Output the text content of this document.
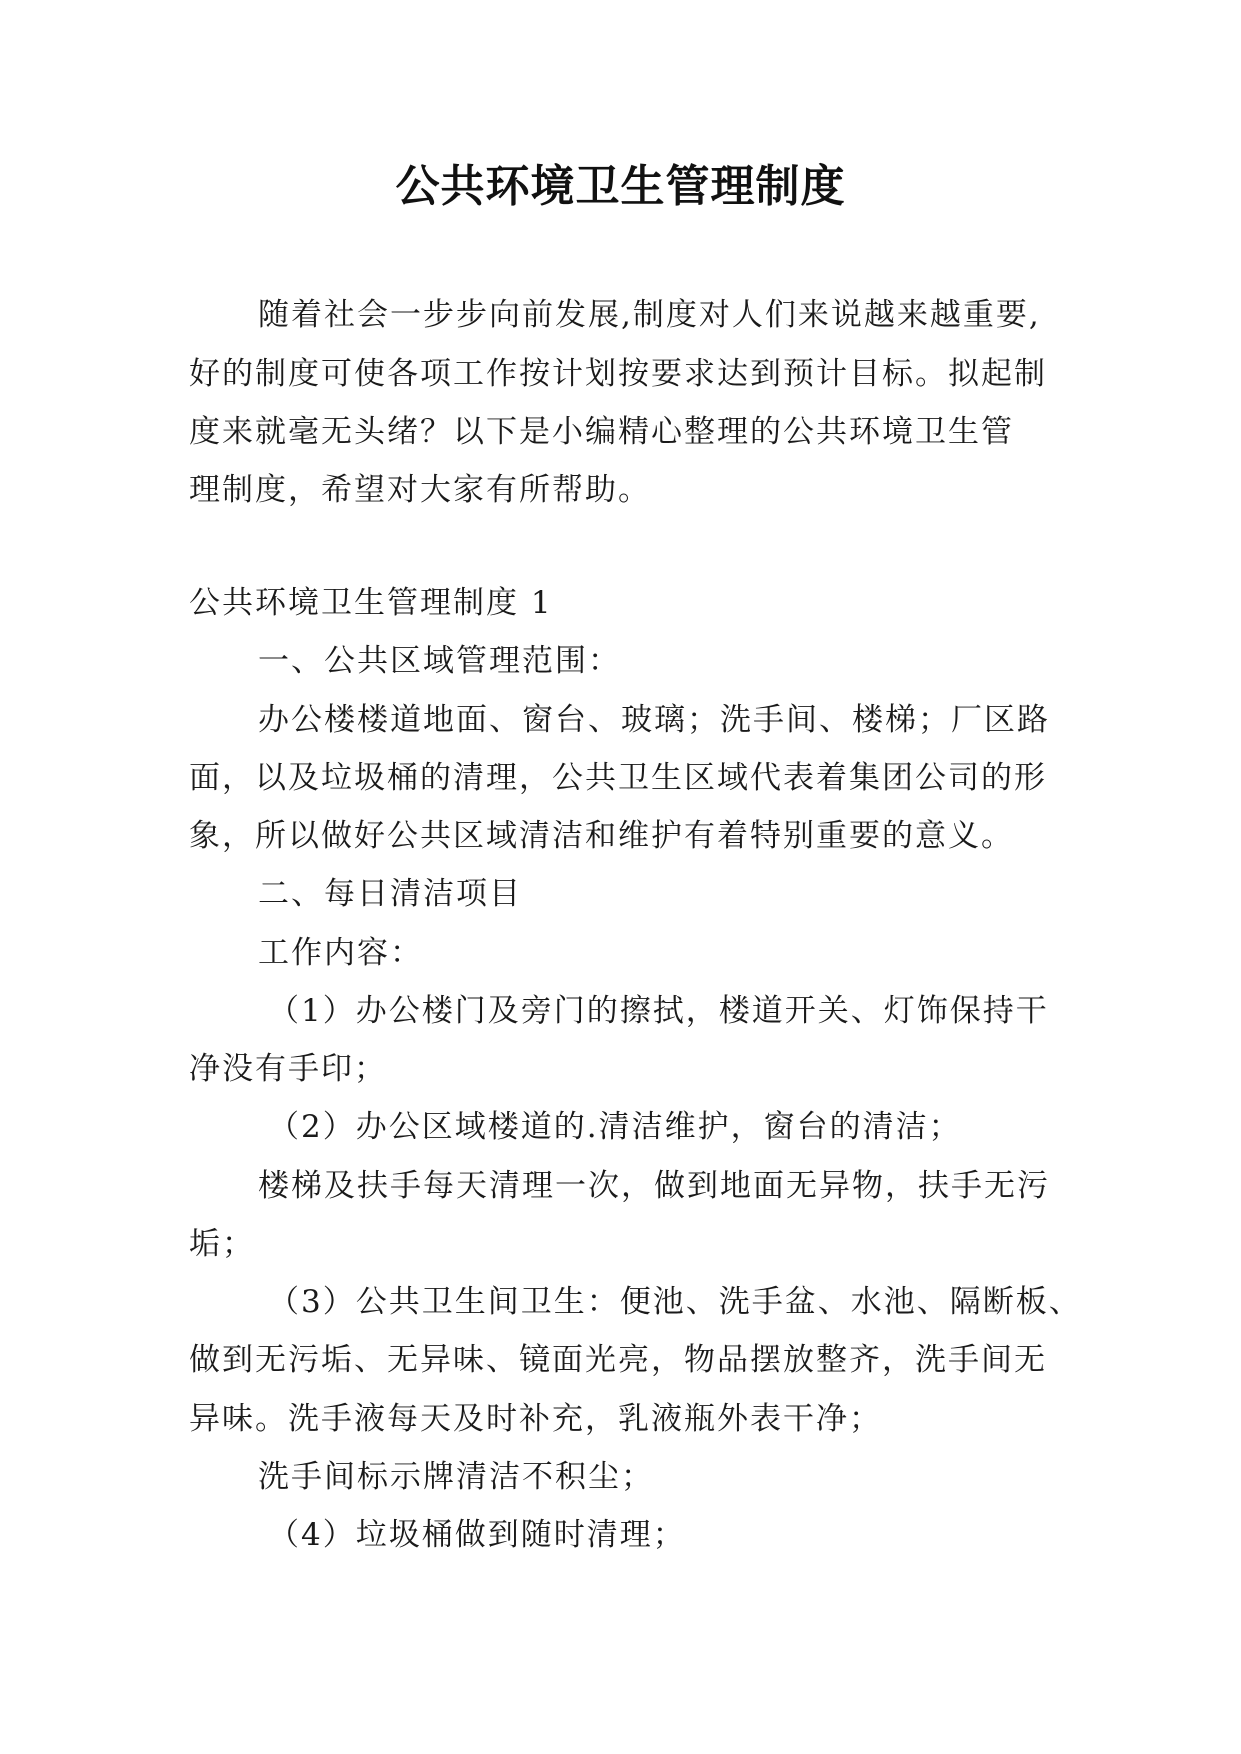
公共环境卫生管理制度
随着社会一步步向前发展,制度对人们来说越来越重要,
好的制度可使各项工作按计划按要求达到预计目标。拟起制
度来就毫无头绪？以下是小编精心整理的公共环境卫生管
理制度，希望对大家有所帮助。
公共环境卫生管理制度 1
一、公共区域管理范围：
办公楼楼道地面、窗台、玻璃；洗手间、楼梯；厂区路
面，以及垃圾桶的清理，公共卫生区域代表着集团公司的形
象，所以做好公共区域清洁和维护有着特别重要的意义。
二、每日清洁项目
工作内容：
（1）办公楼门及旁门的擦拭，楼道开关、灯饰保持干
净没有手印；
（2）办公区域楼道的.清洁维护，窗台的清洁；
楼梯及扶手每天清理一次，做到地面无异物，扶手无污
垢；
（3）公共卫生间卫生：便池、洗手盆、水池、隔断板、
做到无污垢、无异味、镜面光亮，物品摆放整齐，洗手间无
异味。洗手液每天及时补充，乳液瓶外表干净；
洗手间标示牌清洁不积尘；
（4）垃圾桶做到随时清理；
